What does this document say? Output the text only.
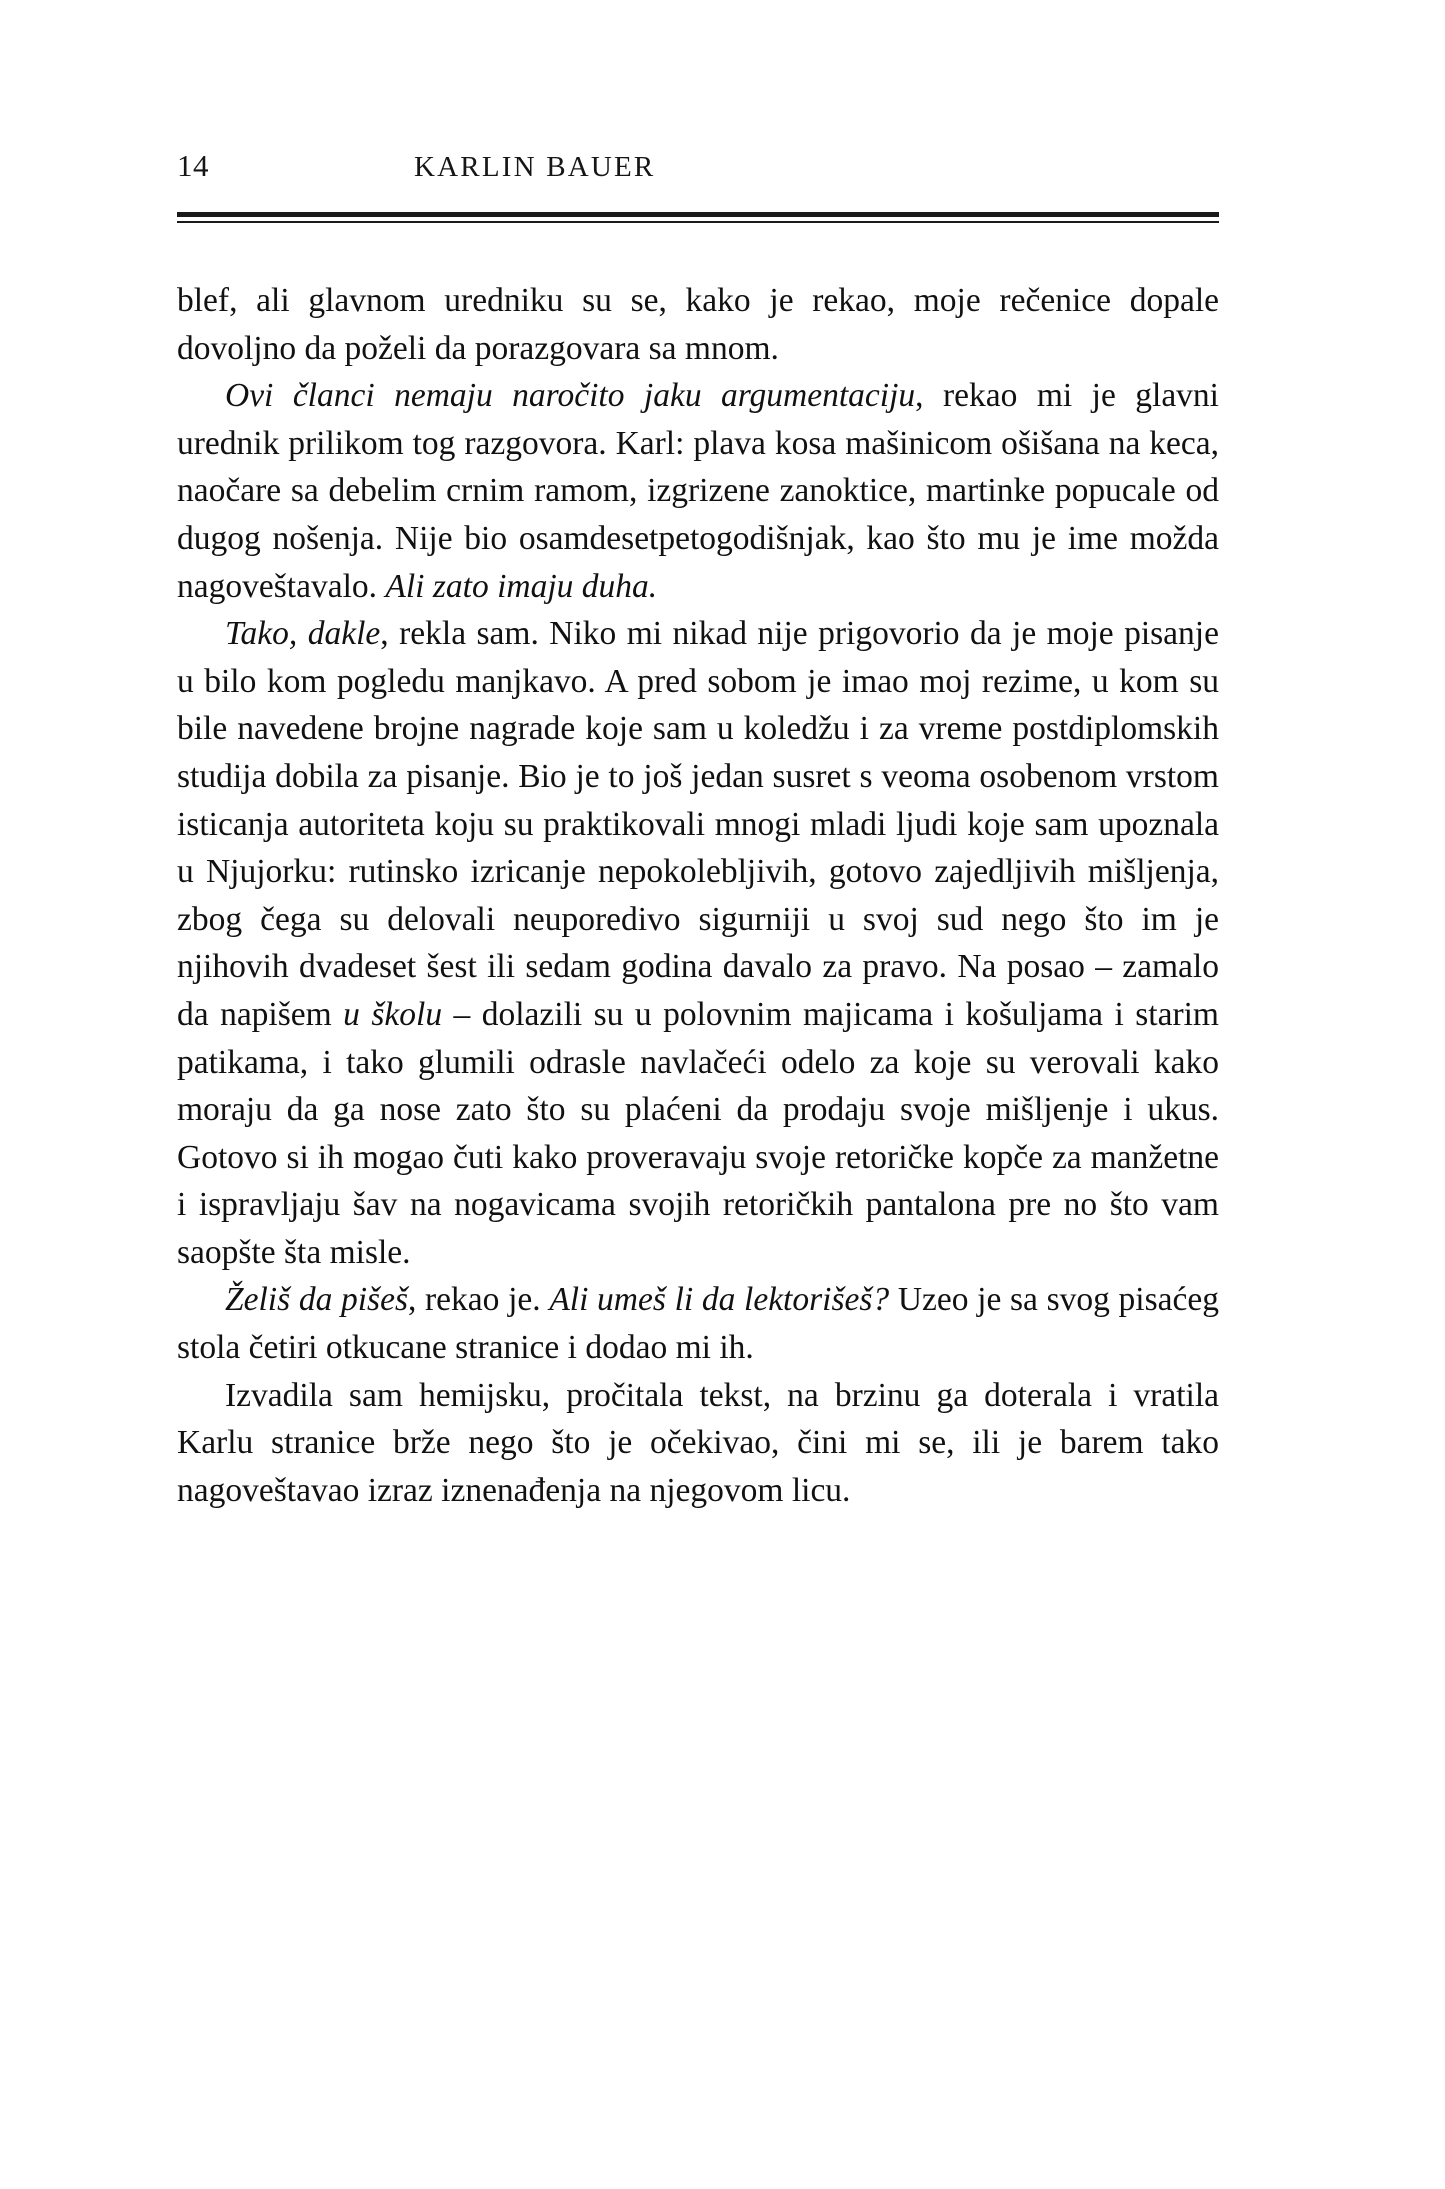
14	KARLIN BAUER

blef, ali glavnom uredniku su se, kako je rekao, moje rečenice dopale dovoljno da poželi da porazgovara sa mnom.

Ovi članci nemaju naročito jaku argumentaciju, rekao mi je glavni urednik prilikom tog razgovora. Karl: plava kosa mašinicom ošišana na keca, naočare sa debelim crnim ramom, izgrizene zanoktice, martinke popucale od dugog nošenja. Nije bio osamdesetpetogodišnjak, kao što mu je ime možda nagoveštavalo. Ali zato imaju duha.

Tako, dakle, rekla sam. Niko mi nikad nije prigovorio da je moje pisanje u bilo kom pogledu manjkavo. A pred sobom je imao moj rezime, u kom su bile navedene brojne nagrade koje sam u koledžu i za vreme postdiplomskih studija dobila za pisanje. Bio je to još jedan susret s veoma osobenom vrstom isticanja autoriteta koju su praktikovali mnogi mladi ljudi koje sam upoznala u Njujorku: rutinsko izricanje nepokolebljivih, gotovo zajedljivih mišljenja, zbog čega su delovali neuporedivo sigurniji u svoj sud nego što im je njihovih dvadeset šest ili sedam godina davalo za pravo. Na posao – zamalo da napišem u školu – dolazili su u polovnim majicama i košuljama i starim patikama, i tako glumili odrasle navlačeći odelo za koje su verovali kako moraju da ga nose zato što su plaćeni da prodaju svoje mišljenje i ukus. Gotovo si ih mogao čuti kako proveravaju svoje retoričke kopče za manžetne i ispravljaju šav na nogavicama svojih retoričkih pantalona pre no što vam saopšte šta misle.

Želiš da pišeš, rekao je. Ali umeš li da lektorišeš? Uzeo je sa svog pisaćeg stola četiri otkucane stranice i dodao mi ih.

Izvadila sam hemijsku, pročitala tekst, na brzinu ga doterala i vratila Karlu stranice brže nego što je očekivao, čini mi se, ili je barem tako nagoveštavao izraz iznenađenja na njegovom licu.
